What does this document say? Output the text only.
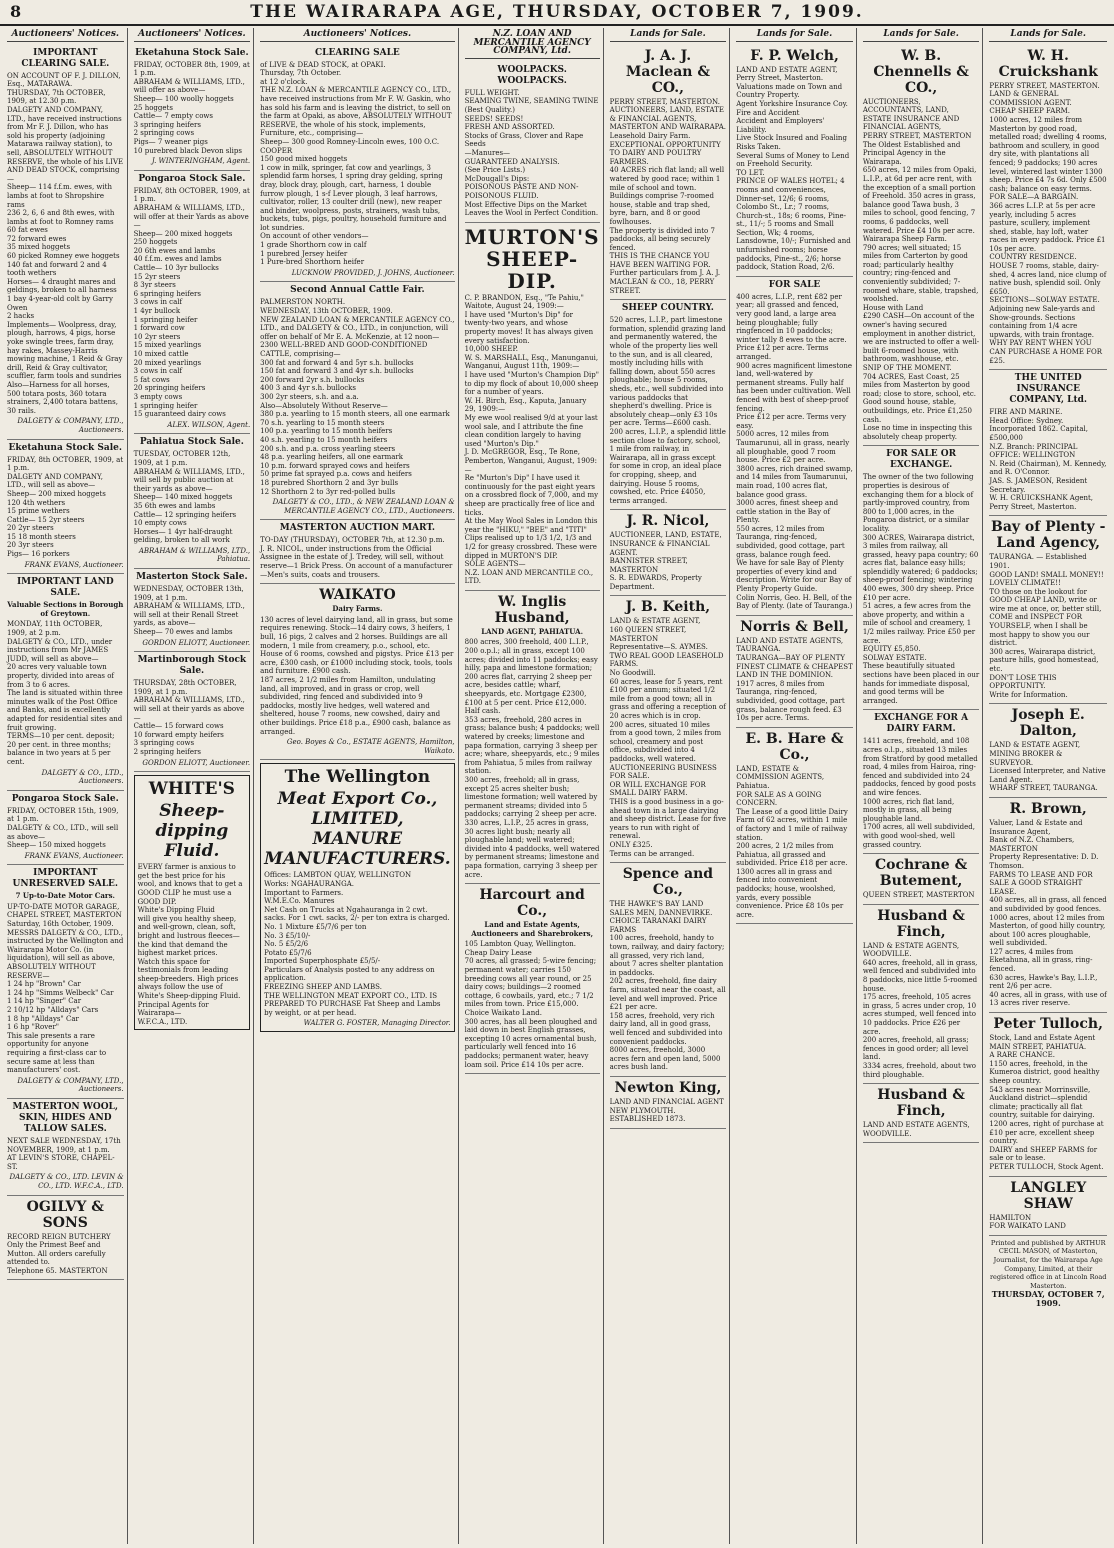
8	THE WAIRARAPA AGE, THURSDAY, OCTOBER 7, 1909.
Auctioneers' Notices.
IMPORTANT CLEARING SALE.
ON ACCOUNT OF F. J. DILLON, Esq., MATARAWA.
THURSDAY, 7th OCTOBER, 1909, at 12.30 p.m.
DALGETY AND COMPANY, LTD., have received instructions from Mr F. J. Dillon, who has sold his property (adjoining Matarawa railway station), to sell, ABSOLUTELY WITHOUT RESERVE, the whole of his LIVE AND DEAD STOCK, comprising—
Sheep— 114 f.f.m. ewes, with lambs at foot to Shropshire rams
236 2, 6, 6 and 8th ewes, with lambs at foot to Romney rams
60 fat ewes
72 forward ewes
35 mixed hoggets
60 picked Romney ewe hoggets
140 fat and forward 2 and 4 tooth wethers
Horses— 4 draught mares and geldings, broken to all harness
1 bay 4-year-old colt by Garry Owen
2 hacks
Implements— Woolpress, dray, plough, harrows, 4 pigs, horse yoke swingle trees, farm dray, hay rakes, Massey-Harris mowing machine, 1 Reid & Gray drill, Reid & Gray cultivator, scuffler, farm tools and sundries
Also—Harness for all horses, 500 totara posts, 360 totara strainers, 2,400 totara battens, 30 rails.
DALGETY & COMPANY, LTD., Auctioneers.
Eketahuna Stock Sale.
FRIDAY, 8th OCTOBER, 1909, at 1 p.m.
DALGETY AND COMPANY, LTD., will sell as above—
Sheep— 200 mixed hoggets
120 4th wethers
15 prime wethers
Cattle— 15 2yr steers
20 2yr steers
15 18 month steers
20 3yr steers
Pigs— 16 porkers
FRANK EVANS, Auctioneer.
IMPORTANT LAND SALE.
Valuable Sections in Borough of Greytown.
MONDAY, 11th OCTOBER, 1909, at 2 p.m.
DALGETY & CO., LTD., under instructions from Mr JAMES JUDD, will sell as above—
20 acres very valuable town property, divided into areas of from 3 to 6 acres.
The land is situated within three minutes walk of the Post Office and Banks, and is excellently adapted for residential sites and fruit growing.
TERMS—10 per cent. deposit; 20 per cent. in three months; balance in two years at 5 per cent.
DALGETY & CO., LTD., Auctioneers.
Pongaroa Stock Sale.
FRIDAY, OCTOBER 15th, 1909, at 1 p.m.
DALGETY & CO., LTD., will sell as above—
Sheep— 150 mixed hoggets
FRANK EVANS, Auctioneer.
IMPORTANT UNRESERVED SALE.
7 Up-to-Date Motor Cars.
UP-TO-DATE MOTOR GARAGE, CHAPEL STREET, MASTERTON
Saturday, 16th October, 1909.
MESSRS DALGETY & CO., LTD., instructed by the Wellington and Wairarapa Motor Co. (in liquidation), will sell as above, ABSOLUTELY WITHOUT RESERVE—
1 24 hp "Brown" Car
1 24 hp "Simms Welbeck" Car
1 14 hp "Singer" Car
2 10/12 hp "Alldays" Cars
1 8 hp "Alldays" Car
1 6 hp "Rover"
This sale presents a rare opportunity for anyone requiring a first-class car to secure same at less than manufacturers' cost.
DALGETY & COMPANY, LTD., Auctioneers.
MASTERTON WOOL, SKIN, HIDES AND TALLOW SALES.
NEXT SALE WEDNESDAY, 17th NOVEMBER, 1909, at 1 p.m.
AT LEVIN'S STORE, CHAPEL-ST.
DALGETY & CO., LTD. LEVIN & CO., LTD. W.F.C.A., LTD.
OGILVY & SONS
RECORD REIGN BUTCHERY
Only the Primest Beef and Mutton. All orders carefully attended to.
Telephone 65. MASTERTON
Auctioneers' Notices.
Eketahuna Stock Sale.
FRIDAY, OCTOBER 8th, 1909, at 1 p.m.
ABRAHAM & WILLIAMS, LTD., will offer as above—
Sheep— 100 woolly hoggets
25 hoggets
Cattle— 7 empty cows
3 springing heifers
2 springing cows
Pigs— 7 weaner pigs
10 purebred black Devon slips
J. WINTERINGHAM, Agent.
Pongaroa Stock Sale.
FRIDAY, 8th OCTOBER, 1909, at 1 p.m.
ABRAHAM & WILLIAMS, LTD., will offer at their Yards as above—
Sheep— 200 mixed hoggets
250 hoggets
20 6th ewes and lambs
40 f.f.m. ewes and lambs
Cattle— 10 3yr bullocks
15 2yr steers
8 3yr steers
6 springing heifers
3 cows in calf
1 4yr bullock
1 springing heifer
1 forward cow
10 2yr steers
15 mixed yearlings
10 mixed cattle
20 mixed yearlings
3 cows in calf
5 fat cows
20 springing heifers
3 empty cows
1 springing heifer
15 guaranteed dairy cows
ALEX. WILSON, Agent.
Pahiatua Stock Sale.
TUESDAY, OCTOBER 12th, 1909, at 1 p.m.
ABRAHAM & WILLIAMS, LTD., will sell by public auction at their yards as above—
Sheep— 140 mixed hoggets
35 6th ewes and lambs
Cattle— 12 springing heifers
10 empty cows
Horses— 1 4yr half-draught gelding, broken to all work
ABRAHAM & WILLIAMS, LTD., Pahiatua.
Masterton Stock Sale.
WEDNESDAY, OCTOBER 13th, 1909, at 1 p.m.
ABRAHAM & WILLIAMS, LTD., will sell at their Renall Street yards, as above—
Sheep— 70 ewes and lambs
GORDON ELIOTT, Auctioneer.
Martinborough Stock Sale.
THURSDAY, 28th OCTOBER, 1909, at 1 p.m.
ABRAHAM & WILLIAMS, LTD., will sell at their yards as above—
Cattle— 15 forward cows
10 forward empty heifers
3 springing cows
2 springing heifers
GORDON ELIOTT, Auctioneer.
WHITE'S
Sheep-dipping Fluid.
EVERY farmer is anxious to get the best price for his wool, and knows that to get a GOOD CLIP he must use a GOOD DIP.
White's Dipping Fluid
will give you healthy sheep, and well-grown, clean, soft, bright and lustrous fleeces—the kind that demand the highest market prices.
Watch this space for testimonials from leading sheep-breeders. High prices always follow the use of
White's Sheep-dipping Fluid.
Principal Agents for Wairarapa—
W.F.C.A., LTD.
Auctioneers' Notices.
CLEARING SALE
of LIVE & DEAD STOCK, at OPAKI.
Thursday, 7th October.
at 12 o'clock.
THE N.Z. LOAN & MERCANTILE AGENCY CO., LTD., have received instructions from Mr F. W. Gaskin, who has sold his farm and is leaving the district, to sell on the farm at Opaki, as above, ABSOLUTELY WITHOUT RESERVE, the whole of his stock, implements, Furniture, etc., comprising—
Sheep— 300 good Romney-Lincoln ewes, 100 O.C. COOPER
150 good mixed hoggets
1 cow in milk, springer, fat cow and yearlings, 3 splendid farm horses, 1 spring dray gelding, spring dray, block dray, plough, cart, harness, 1 double furrow plough, 1 s-f Lever plough, 3 leaf harrows, cultivator, roller, 13 coulter drill (new), new reaper and binder, woolpress, posts, strainers, wash tubs, buckets, tubs, pigs, poultry, household furniture and lot sundries.
On account of other vendors—
1 grade Shorthorn cow in calf
1 purebred Jersey heifer
1 Pure-bred Shorthorn heifer
LUCKNOW PROVIDED, J. JOHNS, Auctioneer.
Second Annual Cattle Fair.
PALMERSTON NORTH.
WEDNESDAY, 13th OCTOBER, 1909.
NEW ZEALAND LOAN & MERCANTILE AGENCY CO., LTD., and DALGETY & CO., LTD., in conjunction, will offer on behalf of Mr E. A. McKenzie, at 12 noon—
2300 WELL-BRED AND GOOD-CONDITIONED CATTLE, comprising—
300 fat and forward 4 and 5yr s.h. bullocks
150 fat and forward 3 and 4yr s.h. bullocks
200 forward 2yr s.h. bullocks
400 3 and 4yr s.h. bullocks
300 2yr steers, s.h. and a.a.
Also—Absolutely Without Reserve—
380 p.a. yearling to 15 month steers, all one earmark
70 s.h. yearling to 15 month steers
100 p.a. yearling to 15 month heifers
40 s.h. yearling to 15 month heifers
200 s.h. and p.a. cross yearling steers
48 p.a. yearling heifers, all one earmark
10 p.m. forward sprayed cows and heifers
50 prime fat sprayed p.a. cows and heifers
18 purebred Shorthorn 2 and 3yr bulls
12 Shorthorn 2 to 3yr red-polled bulls
DALGETY & CO., LTD., & NEW ZEALAND LOAN & MERCANTILE AGENCY CO., LTD., Auctioneers.
MASTERTON AUCTION MART.
TO-DAY (THURSDAY), OCTOBER 7th, at 12.30 p.m.
J. R. NICOL, under instructions from the Official Assignee in the estate of J. Tredey, will sell, without reserve—1 Brick Press. On account of a manufacturer—Men's suits, coats and trousers.
WAIKATO
Dairy Farms.
130 acres of level dairying land, all in grass, but some requires renewing. Stock—14 dairy cows, 3 heifers, 1 bull, 16 pigs, 2 calves and 2 horses. Buildings are all modern, 1 mile from creamery, p.o., school, etc. House of 6 rooms, cowshed and pigstys. Price £13 per acre, £300 cash, or £1000 including stock, tools, tools and furniture. £900 cash.
187 acres, 2 1/2 miles from Hamilton, undulating land, all improved, and in grass or crop, well subdivided, ring fenced and subdivided into 9 paddocks, mostly live hedges, well watered and sheltered, house 7 rooms, new cowshed, dairy and other buildings. Price £18 p.a., £900 cash, balance as arranged.
Geo. Boyes & Co., ESTATE AGENTS, Hamilton, Waikato.
The Wellington
Meat Export Co., LIMITED, MANURE MANUFACTURERS.
Offices: LAMBTON QUAY, WELLINGTON
Works: NGAHAURANGA.
Important to Farmers.
W.M.E.Co. Manures
Net Cash on Trucks at Ngahauranga in 2 cwt. sacks. For 1 cwt. sacks, 2/- per ton extra is charged.
No. 1 Mixture £5/7/6 per ton
No. 3 £5/10/-
No. 5 £5/2/6
Potato £5/7/6
Imported Superphosphate £5/5/-
Particulars of Analysis posted to any address on application.
FREEZING SHEEP AND LAMBS.
THE WELLINGTON MEAT EXPORT CO., LTD. IS PREPARED TO PURCHASE Fat Sheep and Lambs by weight, or at per head.
WALTER G. FOSTER, Managing Director.
N.Z. LOAN AND MERCANTILE AGENCY COMPANY, Ltd.
WOOLPACKS. WOOLPACKS.
FULL WEIGHT.
SEAMING TWINE, SEAMING TWINE (Best Quality.)
SEEDS! SEEDS!
FRESH AND ASSORTED.
Stocks of Grass, Clover and Rape Seeds
—Manures—
GUARANTEED ANALYSIS.
(See Price Lists.)
McDougall's Dips:
POISONOUS PASTE AND NON-POISONOUS FLUID.
Most Effective Dips on the Market Leaves the Wool in Perfect Condition.
MURTON'S SHEEP-DIP.
C. P. BRANDON, Esq., "Te Pahiu," Waitote, August 24, 1909:—
I have used "Murton's Dip" for twenty-two years, and whose property moves! It has always given every satisfaction.
10,000 SHEEP.
W. S. MARSHALL, Esq., Manunganui, Wanganui, August 11th, 1909:—
I have used "Murton's Champion Dip" to dip my flock of about 10,000 sheep for a number of years.
W. H. Birch, Esq., Kaputa, January 29, 1909:—
My ewe wool realised 9/d at your last wool sale, and I attribute the fine clean condition largely to having used "Murton's Dip."
J. D. McGREGOR, Esq., Te Rone, Pemberton, Wanganui, August, 1909:—
Re "Murton's Dip" I have used it continuously for the past eight years on a crossbred flock of 7,000, and my sheep are practically free of lice and ticks.
At the May Wool Sales in London this year the "HIKU," "BEE" and "TITI" Clips realised up to 1/3 1/2, 1/3 and 1/2 for greasy crossbred. These were dipped in MURTON'S DIP.
SOLE AGENTS—
N.Z. LOAN AND MERCANTILE CO., LTD.
W. Inglis Husband,
LAND AGENT, PAHIATUA.
800 acres, 300 freehold, 400 L.I.P., 200 o.p.l.; all in grass, except 100 acres; divided into 11 paddocks; easy hilly, papa and limestone formation; 200 acres flat, carrying 2 sheep per acre, besides cattle; wharf, sheepyards, etc. Mortgage £2300, £100 at 5 per cent. Price £12,000. Half cash.
353 acres, freehold, 280 acres in grass; balance bush; 4 paddocks; well watered by creeks; limestone and papa formation, carrying 3 sheep per acre; whare, sheepyards, etc.; 9 miles from Pahiatua, 5 miles from railway station.
300 acres, freehold; all in grass, except 25 acres shelter bush; limestone formation; well watered by permanent streams; divided into 5 paddocks; carrying 2 sheep per acre.
330 acres, L.I.P., 25 acres in grass, 30 acres light bush; nearly all ploughable land; well watered; divided into 4 paddocks, well watered by permanent streams; limestone and papa formation, carrying 3 sheep per acre.
Harcourt and Co.,
Land and Estate Agents, Auctioneers and Sharebrokers,
105 Lambton Quay, Wellington.
Cheap Dairy Lease
70 acres, all grassed; 5-wire fencing; permanent water; carries 150 breeding cows all year round, or 25 dairy cows; buildings—2 roomed cottage, 6 cowbails, yard, etc.; 7 1/2 miles from town. Price £15,000.
Choice Waikato Land.
300 acres, has all been ploughed and laid down in best English grasses, excepting 10 acres ornamental bush, particularly well fenced into 16 paddocks; permanent water, heavy loam soil. Price £14 10s per acre.
Lands for Sale.
J. A. J. Maclean & CO.,
PERRY STREET, MASTERTON. AUCTIONEERS, LAND, ESTATE & FINANCIAL AGENTS, MASTERTON AND WAIRARAPA.
Leasehold Dairy Farm.
EXCEPTIONAL OPPORTUNITY TO DAIRY AND POULTRY FARMERS.
40 ACRES rich flat land; all well watered by good race; within 1 mile of school and town.
Buildings comprise 7-roomed house, stable and trap shed, byre, barn, and 8 or good fowlhouses.
The property is divided into 7 paddocks, all being securely fenced.
THIS IS THE CHANCE YOU HAVE BEEN WAITING FOR.
Further particulars from J. A. J. MACLEAN & CO., 18, PERRY STREET.
SHEEP COUNTRY.
520 acres, L.I.P., part limestone formation, splendid grazing land and permanently watered, the whole of the property lies well to the sun, and is all cleared, mostly including hills with falling down, about 550 acres ploughable; house 5 rooms, sheds, etc., well subdivided into various paddocks that shepherd's dwelling. Price is absolutely cheap—only £3 10s per acre. Terms—£600 cash.
200 acres, L.I.P., a splendid little section close to factory, school, 1 mile from railway, in Wairarapa, all in grass except for some in crop, an ideal place for cropping, sheep, and dairying. House 5 rooms, cowshed, etc. Price £4050, terms arranged.
J. R. Nicol,
AUCTIONEER, LAND, ESTATE, INSURANCE & FINANCIAL AGENT.
BANNISTER STREET, MASTERTON
S. R. EDWARDS, Property Department.
J. B. Keith,
LAND & ESTATE AGENT,
160 QUEEN STREET, MASTERTON
Representative—S. AYMES.
TWO REAL GOOD LEASEHOLD FARMS.
No Goodwill.
60 acres, lease for 5 years, rent £100 per annum; situated 1/2 mile from a good town; all in grass and offering a reception of 20 acres which is in crop.
200 acres, situated 10 miles from a good town, 2 miles from school, creamery and post office, subdivided into 4 paddocks, well watered.
AUCTIONEERING BUSINESS FOR SALE.
OR WILL EXCHANGE FOR SMALL DAIRY FARM.
THIS is a good business in a go-ahead town in a large dairying and sheep district. Lease for five years to run with right of renewal.
ONLY £325.
Terms can be arranged.
Spence and Co.,
THE HAWKE'S BAY LAND SALES MEN, DANNEVIRKE.
CHOICE TARANAKI DAIRY FARMS
100 acres, freehold, handy to town, railway, and dairy factory; all grassed, very rich land, about 7 acres shelter plantation in paddocks.
202 acres, freehold, fine dairy farm, situated near the coast, all level and well improved. Price £21 per acre.
158 acres, freehold, very rich dairy land, all in good grass, well fenced and subdivided into convenient paddocks.
8000 acres, freehold, 3000 acres fern and open land, 5000 acres bush land.
Newton King,
LAND AND FINANCIAL AGENT
NEW PLYMOUTH.
ESTABLISHED 1873.
Lands for Sale.
F. P. Welch,
LAND AND ESTATE AGENT, Perry Street, Masterton.
Valuations made on Town and Country Property.
Agent Yorkshire Insurance Coy. Fire and Accident
Accident and Employers' Liability.
Live Stock Insured and Foaling Risks Taken.
Several Sums of Money to Lend on Freehold Security.
TO LET.
PRINCE OF WALES HOTEL; 4 rooms and conveniences, Dinner-set, 12/6; 6 rooms, Colombo St., Lr.; 7 rooms, Church-st., 18s; 6 rooms, Pine-st., 11/-; 5 rooms and Small Section, Wk; 4 rooms, Lansdowne, 10/-; Furnished and unfurnished rooms; horse paddocks, Pine-st., 2/6; horse paddock, Station Road, 2/6.
FOR SALE
400 acres, L.I.P., rent £82 per year; all grassed and fenced, very good land, a large area being ploughable; fully ringfenced in 10 paddocks; winter tally 8 ewes to the acre. Price £12 per acre. Terms arranged.
900 acres magnificent limestone land, well-watered by permanent streams. Fully half has been under cultivation. Well fenced with best of sheep-proof fencing.
Price £12 per acre. Terms very easy.
5000 acres, 12 miles from Taumarunui, all in grass, nearly all ploughable, good 7 room house. Price £2 per acre.
3800 acres, rich drained swamp, and 14 miles from Taumarunui, main road, 100 acres flat, balance good grass.
3000 acres, finest sheep and cattle station in the Bay of Plenty.
550 acres, 12 miles from Tauranga, ring-fenced, subdivided, good cottage, part grass, balance rough feed.
We have for sale Bay of Plenty properties of every kind and description. Write for our Bay of Plenty Property Guide.
Colin Norris, Geo. H. Bell, of the Bay of Plenty. (late of Tauranga.)
Norris & Bell,
LAND AND ESTATE AGENTS, TAURANGA.
TAURANGA—BAY OF PLENTY
FINEST CLIMATE & CHEAPEST
LAND IN THE DOMINION.
1917 acres, 8 miles from Tauranga, ring-fenced, subdivided, good cottage, part grass, balance rough feed. £3 10s per acre. Terms.
E. B. Hare & Co.,
LAND, ESTATE & COMMISSION AGENTS, Pahiatua.
FOR SALE AS A GOING CONCERN.
The Lease of a good little Dairy Farm of 62 acres, within 1 mile of factory and 1 mile of railway station.
200 acres, 2 1/2 miles from Pahiatua, all grassed and subdivided. Price £18 per acre.
1300 acres all in grass and fenced into convenient paddocks; house, woolshed, yards, every possible convenience. Price £8 10s per acre.
Lands for Sale.
W. B. Chennells & CO.,
AUCTIONEERS, ACCOUNTANTS, LAND, ESTATE INSURANCE AND FINANCIAL AGENTS,
PERRY STREET, MASTERTON
The Oldest Established and Principal Agency in the Wairarapa.
650 acres, 12 miles from Opaki, L.I.P., at 6d per acre rent, with the exception of a small portion of Freehold. 350 acres in grass, balance good Tawa bush, 3 miles to school, good fencing, 7 rooms, 6 paddocks, well watered. Price £4 10s per acre.
Wairarapa Sheep Farm.
790 acres; well situated; 15 miles from Carterton by good road; particularly healthy country; ring-fenced and conveniently subdivided; 7-roomed whare, stable, trapshed, woolshed.
House with Land
£290 CASH—On account of the owner's having secured employment in another district, we are instructed to offer a well-built 6-roomed house, with bathroom, washhouse, etc.
SNIP OF THE MOMENT.
704 ACRES, East Coast, 25 miles from Masterton by good road; close to store, school, etc. Good sound house, stable, outbuildings, etc. Price £1,250 cash.
Lose no time in inspecting this absolutely cheap property.
FOR SALE OR EXCHANGE.
The owner of the two following properties is desirous of exchanging them for a block of partly-improved country, from 800 to 1,000 acres, in the Pongaroa district, or a similar locality.
300 ACRES, Wairarapa district, 3 miles from railway, all grassed, heavy papa country; 60 acres flat, balance easy hills; splendidly watered; 6 paddocks; sheep-proof fencing; wintering 400 ewes, 300 dry sheep. Price £10 per acre.
51 acres, a few acres from the above property, and within a mile of school and creamery, 1 1/2 miles railway. Price £50 per acre.
EQUITY £5,850.
SOLWAY ESTATE.
These beautifully situated sections have been placed in our hands for immediate disposal, and good terms will be arranged.
EXCHANGE FOR A DAIRY FARM.
1411 acres, freehold, and 108 acres o.l.p., situated 13 miles from Stratford by good metalled road, 4 miles from Hairoa, ring-fenced and subdivided into 24 paddocks, fenced by good posts and wire fences.
1000 acres, rich flat land, mostly in grass, all being ploughable land.
1700 acres, all well subdivided, with good wool-shed, well grassed country.
Cochrane & Butement,
QUEEN STREET, MASTERTON
Husband & Finch,
LAND & ESTATE AGENTS, WOODVILLE.
640 acres, freehold, all in grass, well fenced and subdivided into 8 paddocks, nice little 5-roomed house.
175 acres, freehold, 105 acres in grass, 5 acres under crop, 10 acres stumped, well fenced into 10 paddocks. Price £26 per acre.
200 acres, freehold, all grass; fences in good order; all level land.
3334 acres, freehold, about two third ploughable.
Husband & Finch,
LAND AND ESTATE AGENTS, WOODVILLE.
Lands for Sale.
W. H. Cruickshank
PERRY STREET, MASTERTON. LAND & GENERAL COMMISSION AGENT.
CHEAP SHEEP FARM.
1000 acres, 12 miles from Masterton by good road, metalled road; dwelling 4 rooms, bathroom and scullery, in good dry site, with plantations all fenced; 9 paddocks; 190 acres level, wintered last winter 1300 sheep. Price £4 7s 6d. Only £500 cash; balance on easy terms.
FOR SALE—A BARGAIN.
366 acres L.I.P. at 5s per acre yearly, including 5 acres pasture, scullery, implement shed, stable, hay loft, water races in every paddock. Price £1 10s per acre.
COUNTRY RESIDENCE.
HOUSE 7 rooms, stable, dairy-shed, 4 acres land, nice clump of native bush, splendid soil. Only £650.
SECTIONS—SOLWAY ESTATE.
Adjoining new Sale-yards and Show-grounds. Sections containing from 1/4 acre upwards, with train frontage.
WHY PAY RENT WHEN YOU CAN PURCHASE A HOME FOR £25.
THE UNITED INSURANCE COMPANY, Ltd.
FIRE AND MARINE.
Head Office: Sydney.
Incorporated 1862. Capital, £500,000
N.Z. Branch: PRINCIPAL OFFICE: WELLINGTON
N. Reid (Chairman), M. Kennedy, and R. O'Connor.
JAS. S. JAMESON, Resident Secretary.
W. H. CRUICKSHANK Agent, Perry Street, Masterton.
Bay of Plenty - Land Agency,
TAURANGA. — Established 1901.
GOOD LAND! SMALL MONEY!! LOVELY CLIMATE!!
TO those on the lookout for GOOD CHEAP LAND, write or wire me at once, or, better still, COME and INSPECT FOR YOURSELF, when I shall be most happy to show you our district.
300 acres, Wairarapa district, pasture hills, good homestead, etc.
DON'T LOSE THIS OPPORTUNITY.
Write for Information.
Joseph E. Dalton,
LAND & ESTATE AGENT, MINING BROKER & SURVEYOR.
Licensed Interpreter, and Native Land Agent.
WHARF STREET, TAURANGA.
R. Brown,
Valuer, Land & Estate and Insurance Agent,
Bank of N.Z. Chambers, MASTERTON
Property Representative: D. D. Thomson.
FARMS TO LEASE AND FOR SALE A GOOD STRAIGHT LEASE.
400 acres, all in grass, all fenced and subdivided by good fences.
1000 acres, about 12 miles from Masterton, of good hilly country, about 100 acres ploughable, well subdivided.
127 acres, 4 miles from Eketahuna, all in grass, ring-fenced.
630 acres, Hawke's Bay, L.I.P., rent 2/6 per acre.
40 acres, all in grass, with use of 13 acres river reserve.
Peter Tulloch,
Stock, Land and Estate Agent
MAIN STREET, PAHIATUA.
A RARE CHANCE.
1150 acres, freehold, in the Kumeroa district, good healthy sheep country.
543 acres near Morrinsville, Auckland district—splendid climate; practically all flat country, suitable for dairying.
1200 acres, right of purchase at £10 per acre, excellent sheep country.
DAIRY and SHEEP FARMS for sale or to lease.
PETER TULLOCH, Stock Agent.
LANGLEY SHAW
HAMILTON
FOR WAIKATO LAND
Printed and published by ARTHUR CECIL MASON, of Masterton, Journalist, for the Wairarapa Age Company, Limited, at their registered office in at Lincoln Road Masterton.
THURSDAY, OCTOBER 7, 1909.
